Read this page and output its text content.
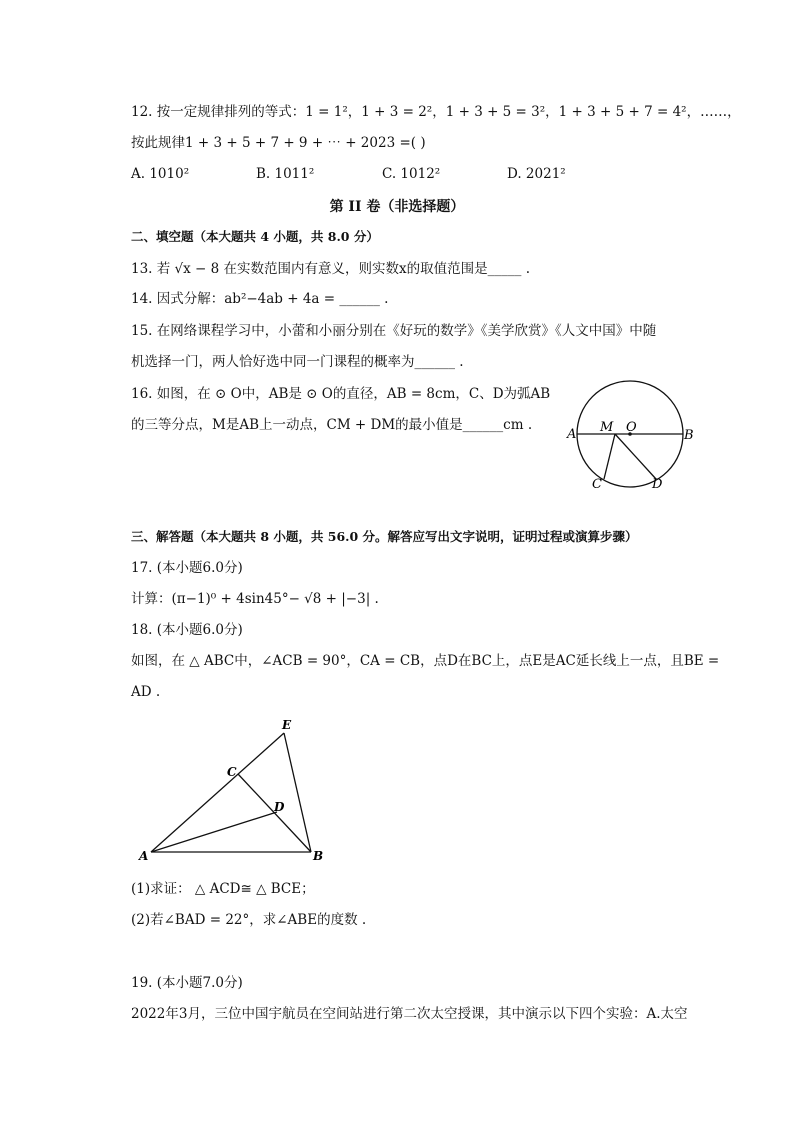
12. 按一定规律排列的等式：1 = 1²，1 + 3 = 2²，1 + 3 + 5 = 3²，1 + 3 + 5 + 7 = 4²，……，
按此规律1 + 3 + 5 + 7 + 9 + ⋯ + 2023 =( )
A. 1010²	B. 1011²	C. 1012²	D. 2021²
第 II 卷（非选择题）
二、填空题（本大题共 4 小题，共 8.0 分）
13. 若 √x − 8 在实数范围内有意义，则实数x的取值范围是_____ .
14. 因式分解：ab²−4ab + 4a = ______ .
15. 在网络课程学习中，小蕾和小丽分别在《好玩的数学》《美学欣赏》《人文中国》中随
机选择一门，两人恰好选中同一门课程的概率为______ .
16. 如图，在 ⊙ O中，AB是 ⊙ O的直径，AB = 8cm，C、D为弧AB
的三等分点，M是AB上一动点，CM + DM的最小值是______cm .
A M O
B
C	D
三、解答题（本大题共 8 小题，共 56.0 分。解答应写出文字说明，证明过程或演算步骤）
17. (本小题6.0分)
计算：(π−1)⁰ + 4sin45°− √8 + |−3| .
18. (本小题6.0分)
如图，在 △ ABC中，∠ACB = 90°，CA = CB，点D在BC上，点E是AC延长线上一点，且BE =
AD .
E
C
D
A	B
(1)求证： △ ACD≅ △ BCE；
(2)若∠BAD = 22°，求∠ABE的度数 .
19. (本小题7.0分)
2022年3月，三位中国宇航员在空间站进行第二次太空授课，其中演示以下四个实验：A.太空
